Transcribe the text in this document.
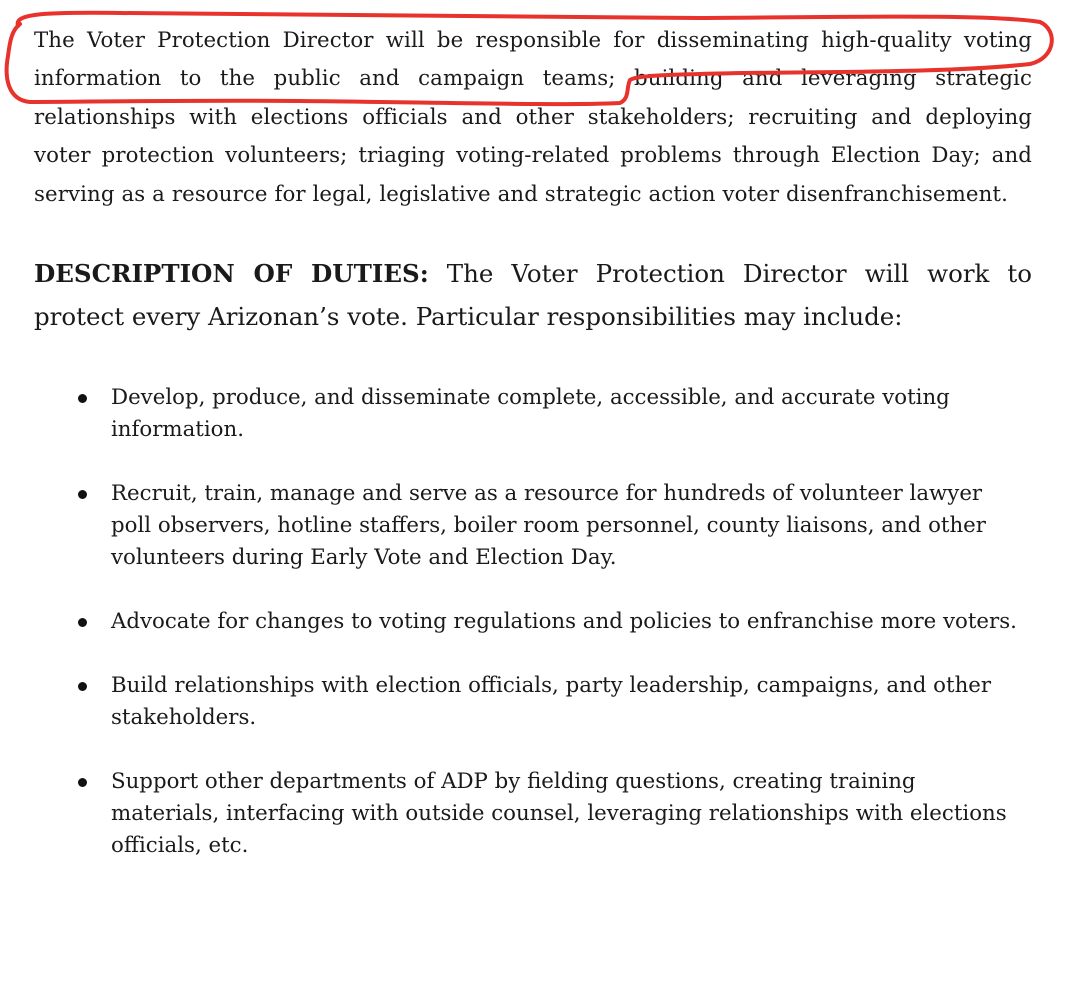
The Voter Protection Director will be responsible for disseminating high-quality voting information to the public and campaign teams; building and leveraging strategic relationships with elections officials and other stakeholders; recruiting and deploying voter protection volunteers; triaging voting-related problems through Election Day; and serving as a resource for legal, legislative and strategic action voter disenfranchisement.

DESCRIPTION OF DUTIES: The Voter Protection Director will work to protect every Arizonan’s vote. Particular responsibilities may include:

Develop, produce, and disseminate complete, accessible, and accurate voting information.
Recruit, train, manage and serve as a resource for hundreds of volunteer lawyer poll observers, hotline staffers, boiler room personnel, county liaisons, and other volunteers during Early Vote and Election Day.
Advocate for changes to voting regulations and policies to enfranchise more voters.
Build relationships with election officials, party leadership, campaigns, and other stakeholders.
Support other departments of ADP by fielding questions, creating training materials, interfacing with outside counsel, leveraging relationships with elections officials, etc.
